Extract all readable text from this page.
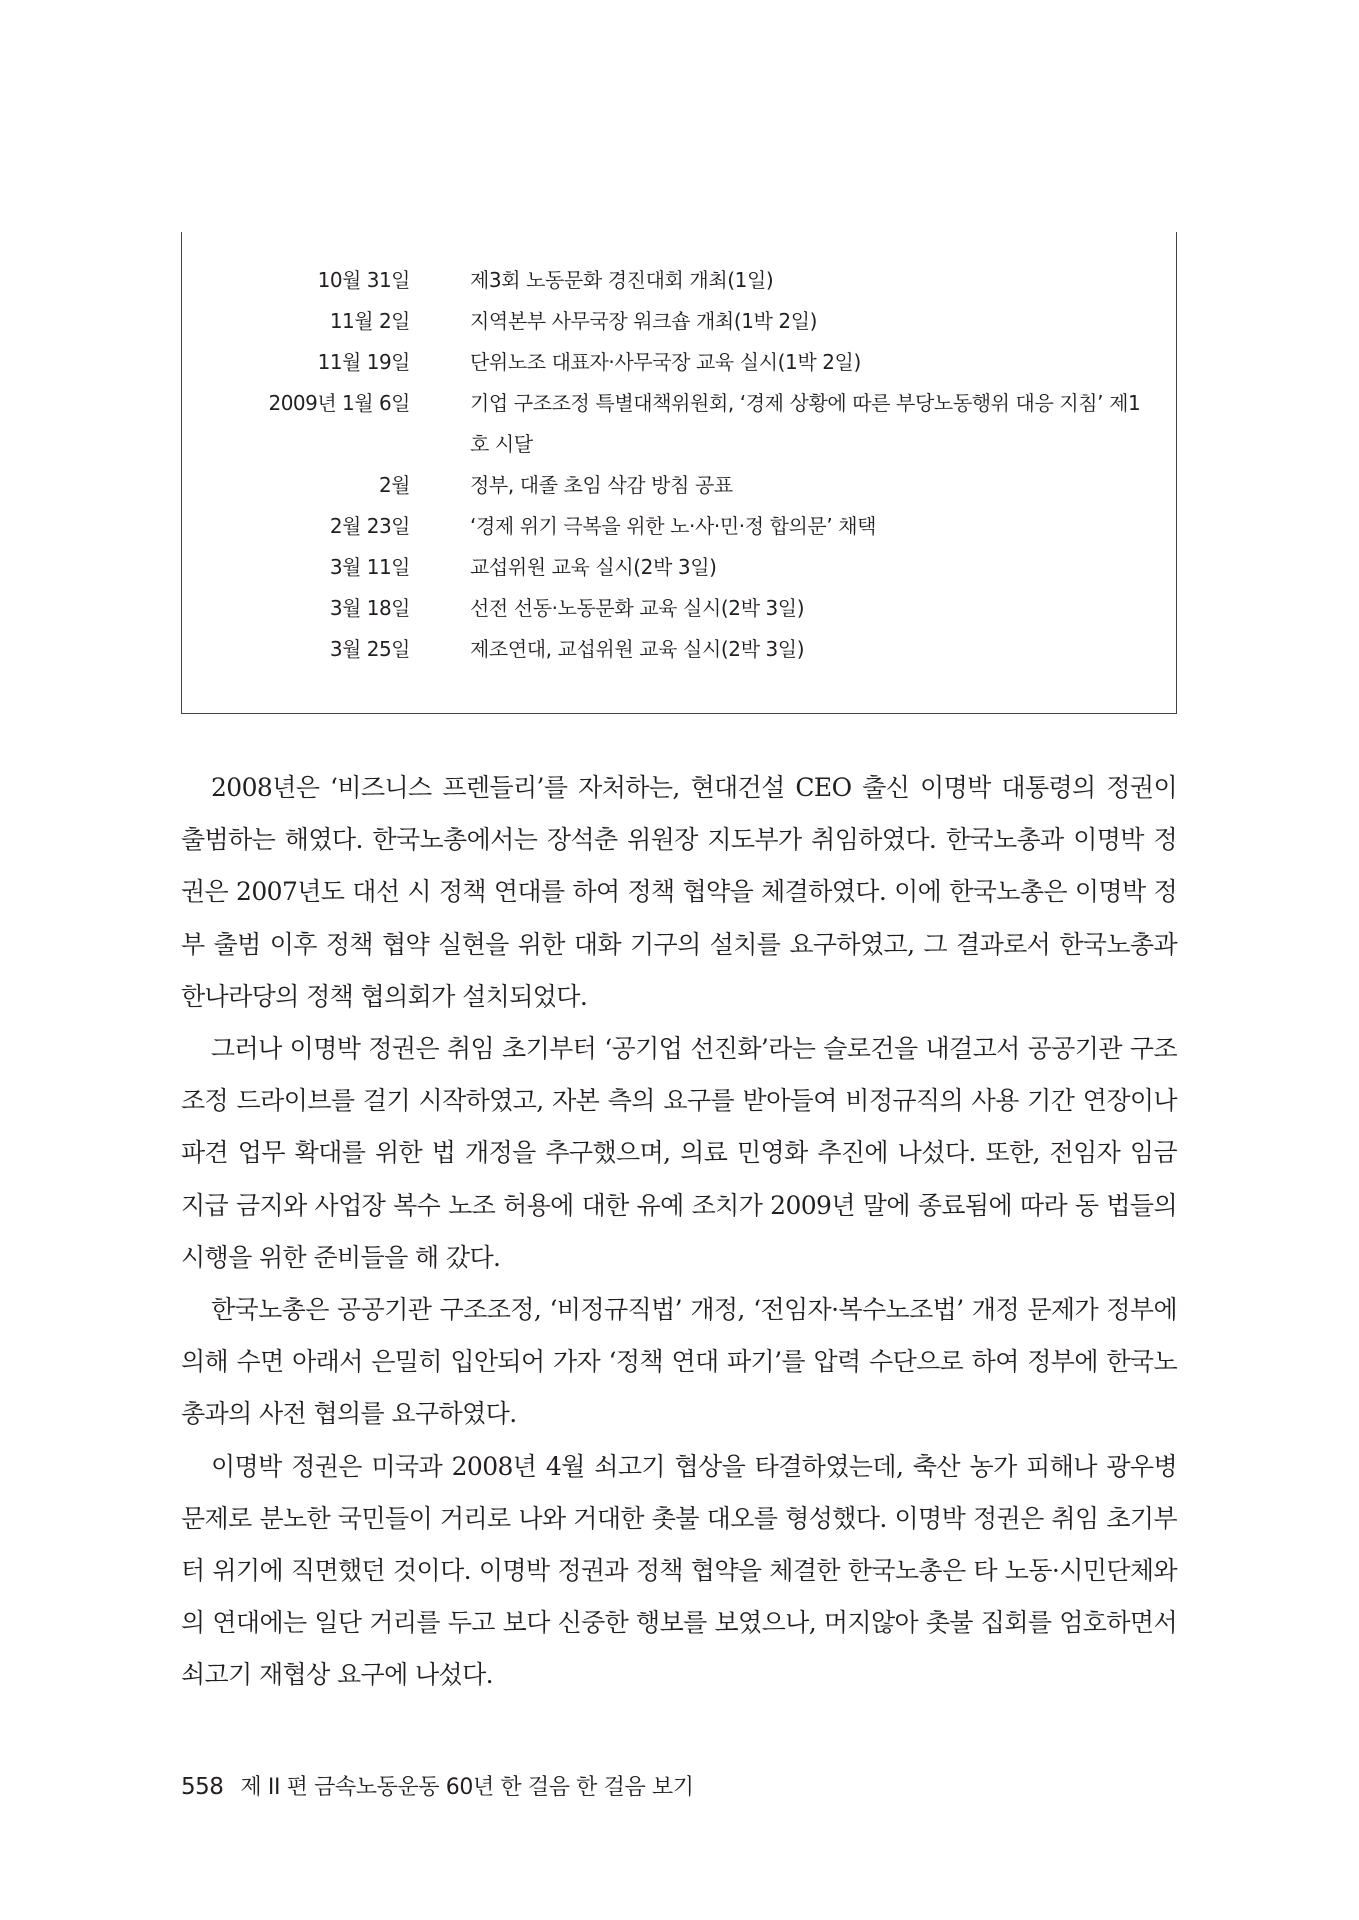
10월 31일	제3회 노동문화 경진대회 개최(1일)
11월 2일	지역본부 사무국장 워크숍 개최(1박 2일)
11월 19일	단위노조 대표자·사무국장 교육 실시(1박 2일)
2009년 1월 6일	기업 구조조정 특별대책위원회, ‘경제 상황에 따른 부당노동행위 대응 지침’ 제1호 시달
2월	정부, 대졸 초임 삭감 방침 공표
2월 23일	‘경제 위기 극복을 위한 노·사·민·정 합의문’ 채택
3월 11일	교섭위원 교육 실시(2박 3일)
3월 18일	선전 선동·노동문화 교육 실시(2박 3일)
3월 25일	제조연대, 교섭위원 교육 실시(2박 3일)

2008년은 ‘비즈니스 프렌들리’를 자처하는, 현대건설 CEO 출신 이명박 대통령의 정권이 출범하는 해였다. 한국노총에서는 장석춘 위원장 지도부가 취임하였다. 한국노총과 이명박 정권은 2007년도 대선 시 정책 연대를 하여 정책 협약을 체결하였다. 이에 한국노총은 이명박 정부 출범 이후 정책 협약 실현을 위한 대화 기구의 설치를 요구하였고, 그 결과로서 한국노총과 한나라당의 정책 협의회가 설치되었다.

그러나 이명박 정권은 취임 초기부터 ‘공기업 선진화’라는 슬로건을 내걸고서 공공기관 구조조정 드라이브를 걸기 시작하였고, 자본 측의 요구를 받아들여 비정규직의 사용 기간 연장이나 파견 업무 확대를 위한 법 개정을 추구했으며, 의료 민영화 추진에 나섰다. 또한, 전임자 임금 지급 금지와 사업장 복수 노조 허용에 대한 유예 조치가 2009년 말에 종료됨에 따라 동 법들의 시행을 위한 준비들을 해 갔다.

한국노총은 공공기관 구조조정, ‘비정규직법’ 개정, ‘전임자·복수노조법’ 개정 문제가 정부에 의해 수면 아래서 은밀히 입안되어 가자 ‘정책 연대 파기’를 압력 수단으로 하여 정부에 한국노총과의 사전 협의를 요구하였다.

이명박 정권은 미국과 2008년 4월 쇠고기 협상을 타결하였는데, 축산 농가 피해나 광우병 문제로 분노한 국민들이 거리로 나와 거대한 촛불 대오를 형성했다. 이명박 정권은 취임 초기부터 위기에 직면했던 것이다. 이명박 정권과 정책 협약을 체결한 한국노총은 타 노동·시민단체와의 연대에는 일단 거리를 두고 보다 신중한 행보를 보였으나, 머지않아 촛불 집회를 엄호하면서 쇠고기 재협상 요구에 나섰다.

558 제 II 편 금속노동운동 60년 한 걸음 한 걸음 보기
